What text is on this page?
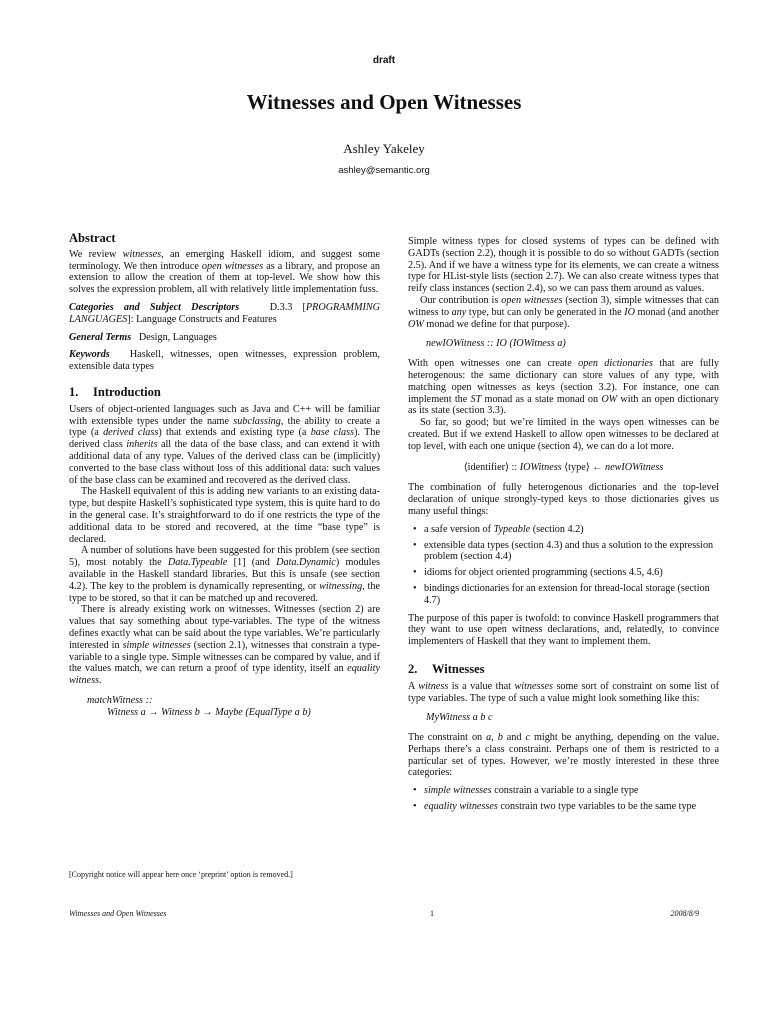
draft
Witnesses and Open Witnesses
Ashley Yakeley
ashley@semantic.org
Abstract

We review witnesses, an emerging Haskell idiom, and suggest some terminology. We then introduce open witnesses as a library, and propose an extension to allow the creation of them at top-level. We show how this solves the expression problem, all with relatively little implementation fuss.

Categories and Subject Descriptors	D.3.3 [PROGRAMMING LANGUAGES]: Language Constructs and Features

General Terms Design, Languages

Keywords Haskell, witnesses, open witnesses, expression problem, extensible data types

1. Introduction

Users of object-oriented languages such as Java and C++ will be familiar with extensible types under the name subclassing, the ability to create a type (a derived class) that extends and existing type (a base class). The derived class inherits all the data of the base class, and can extend it with additional data of any type. Values of the derived class can be (implicitly) converted to the base class without loss of this additional data: such values of the base class can be examined and recovered as the derived class.

The Haskell equivalent of this is adding new variants to an existing data-type, but despite Haskell’s sophisticated type system, this is quite hard to do in the general case. It’s straightforward to do if one restricts the type of the additional data to be stored and recovered, at the time “base type” is declared.

A number of solutions have been suggested for this problem (see section 5), most notably the Data.Typeable [1] (and Data.Dynamic) modules available in the Haskell standard libraries. But this is unsafe (see section 4.2). The key to the problem is dynamically representing, or witnessing, the type to be stored, so that it can be matched up and recovered.

There is already existing work on witnesses. Witnesses (section 2) are values that say something about type-variables. The type of the witness defines exactly what can be said about the type variables. We’re particularly interested in simple witnesses (section 2.1), witnesses that constrain a type-variable to a single type. Simple witnesses can be compared by value, and if the values match, we can return a proof of type identity, itself an equality witness.

matchWitness ::
Witness a → Witness b → Maybe (EqualType a b)

Simple witness types for closed systems of types can be defined with GADTs (section 2.2), though it is possible to do so without GADTs (section 2.5). And if we have a witness type for its elements, we can create a witness type for HList-style lists (section 2.7). We can also create witness types that reify class instances (section 2.4), so we can pass them around as values.

Our contribution is open witnesses (section 3), simple witnesses that can witness to any type, but can only be generated in the IO monad (and another OW monad we define for that purpose).

newIOWitness :: IO (IOWitness a)

With open witnesses one can create open dictionaries that are fully heterogenous: the same dictionary can store values of any type, with matching open witnesses as keys (section 3.2). For instance, one can implement the ST monad as a state monad on OW with an open dictionary as its state (section 3.3).

So far, so good; but we’re limited in the ways open witnesses can be created. But if we extend Haskell to allow open witnesses to be declared at top level, with each one unique (section 4), we can do a lot more.

⟨identifier⟩ :: IOWitness ⟨type⟩ ← newIOWitness

The combination of fully heterogenous dictionaries and the top-level declaration of unique strongly-typed keys to those dictionaries gives us many useful things:

• a safe version of Typeable (section 4.2)
• extensible data types (section 4.3) and thus a solution to the expression problem (section 4.4)
• idioms for object oriented programming (sections 4.5, 4.6)
• bindings dictionaries for an extension for thread-local storage (section 4.7)

The purpose of this paper is twofold: to convince Haskell programmers that they want to use open witness declarations, and, relatedly, to convince implementers of Haskell that they want to implement them.

2. Witnesses

A witness is a value that witnesses some sort of constraint on some list of type variables. The type of such a value might look something like this:

MyWitness a b c

The constraint on a, b and c might be anything, depending on the value. Perhaps there’s a class constraint. Perhaps one of them is restricted to a particular set of types. However, we’re mostly interested in these three categories:

• simple witnesses constrain a variable to a single type
• equality witnesses constrain two type variables to be the same type
[Copyright notice will appear here once ‘preprint’ option is removed.]
Witnesses and Open Witnesses	1	2008/8/9
